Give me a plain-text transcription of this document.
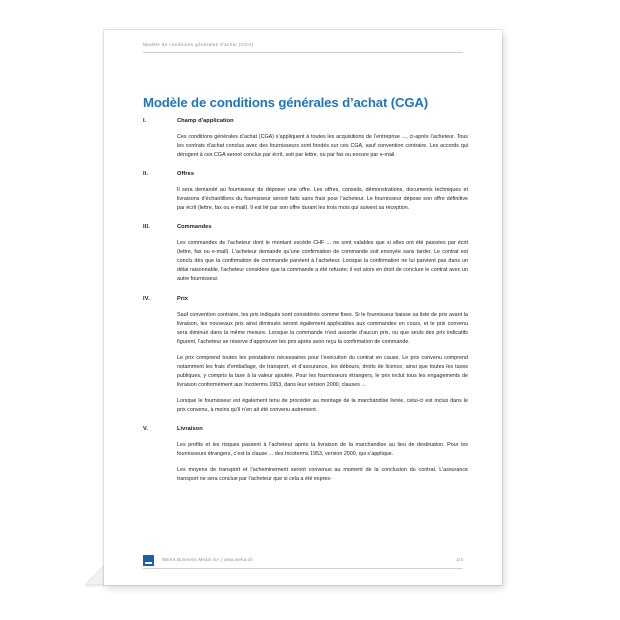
Modèle de conditions générales d'achat (CGA)
Modèle de conditions générales d’achat (CGA)
I.	Champ d'application

Ces conditions générales d’achat (CGA) s’appliquent à toutes les acquisitions de l’entreprise ..., ci-après l’acheteur. Tous les contrats d’achat conclus avec des fournisseurs sont fondés sur ces CGA, sauf convention contraire. Les accords qui dérogent à ces CGA seront conclus par écrit, soit par lettre, ou par fax ou encore par e-mail.

II.	Offres

Il sera demandé au fournisseur de déposer une offre. Les offres, conseils, démonstrations, documents techniques et livraisons d’échantillons du fournisseur seront faits sans frais pour l’acheteur. Le fournisseur dépose son offre définitive par écrit (lettre, fax ou e-mail). Il est lié par son offre durant les trois mois qui suivent sa réception.

III.	Commandes

Les commandes de l’acheteur dont le montant excède CHF ... ne sont valables que si elles ont été passées par écrit (lettre, fax ou e-mail). L’acheteur demande qu’une confirmation de commande soit envoyée sans tarder. Le contrat est conclu dès que la confirmation de commande parvient à l’acheteur. Lorsque la confirmation ne lui parvient pas dans un délai raisonnable, l’acheteur considère que la commande a été refusée; il est alors en droit de conclure le contrat avec un autre fournisseur.

IV.	Prix

Sauf convention contraire, les prix indiqués sont considérés comme fixes. Si le fournisseur baisse sa liste de prix avant la livraison, les nouveaux prix ainsi diminués seront également applicables aux commandes en cours, et le prix convenu sera diminué dans la même mesure. Lorsque la commande n’est assortie d’aucun prix, ou que seuls des prix indicatifs figurent, l’acheteur se réserve d’approuver les prix après avoir reçu la confirmation de commande.

Le prix comprend toutes les prestations nécessaires pour l’exécution du contrat en cause. Le prix convenu comprend notamment les frais d’emballage, de transport, et d’assurance, les débours, droits de licence, ainsi que toutes les taxes publiques, y compris la taxe à la valeur ajoutée. Pour les fournisseurs étrangers, le prix inclut tous les engagements de livraison conformément aux Incoterms 1953, dans leur version 2000, clauses ...

Lorsque le fournisseur est également tenu de procéder au montage de la marchandise livrée, celui-ci est inclus dans le prix convenu, à moins qu’il n’en ait été convenu autrement.

V.	Livraison

Les profits et les risques passent à l’acheteur après la livraison de la marchandise au lieu de destination. Pour les fournisseurs étrangers, c’est la clause ... des Incoterms 1953, version 2000, qui s’applique.

Les moyens de transport et l’acheminement seront convenus au moment de la conclusion du contrat. L’assurance transport ne sera conclue par l’acheteur que si cela a été expres-

WEKA Business Media SA | www.weka.ch	1/4
